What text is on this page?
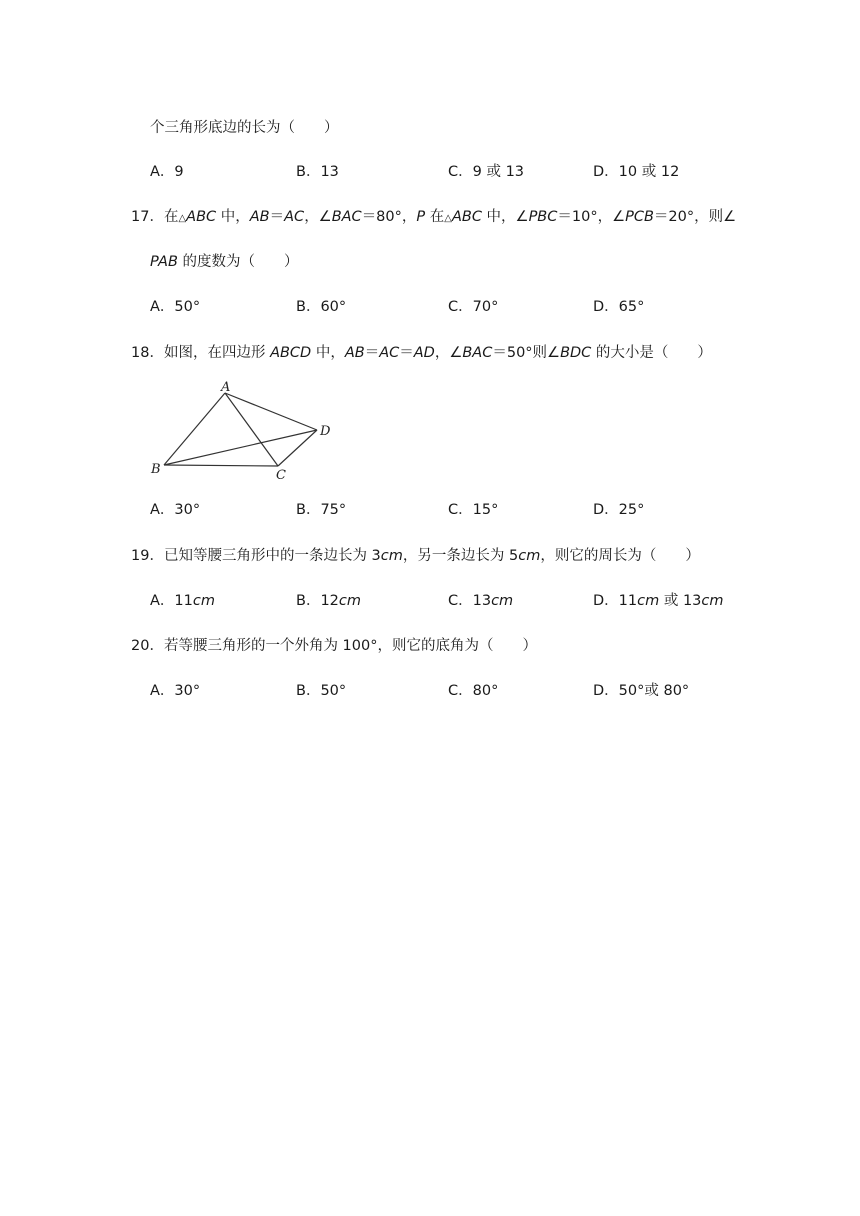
个三角形底边的长为（　　）
A．9	B．13	C．9 或 13	D．10 或 12
17．在△ABC 中，AB＝AC，∠BAC＝80°，P 在△ABC 中，∠PBC＝10°，∠PCB＝20°，则∠
PAB 的度数为（　　）
A．50°	B．60°	C．70°	D．65°
18．如图，在四边形 ABCD 中，AB＝AC＝AD，∠BAC＝50°则∠BDC 的大小是（　　）
A
B	C
D
A．30°	B．75°	C．15°	D．25°
19．已知等腰三角形中的一条边长为 3cm，另一条边长为 5cm，则它的周长为（　　）
A．11cm	B．12cm	C．13cm	D．11cm 或 13cm
20．若等腰三角形的一个外角为 100°，则它的底角为（　　）
A．30°	B．50°	C．80°	D．50°或 80°
